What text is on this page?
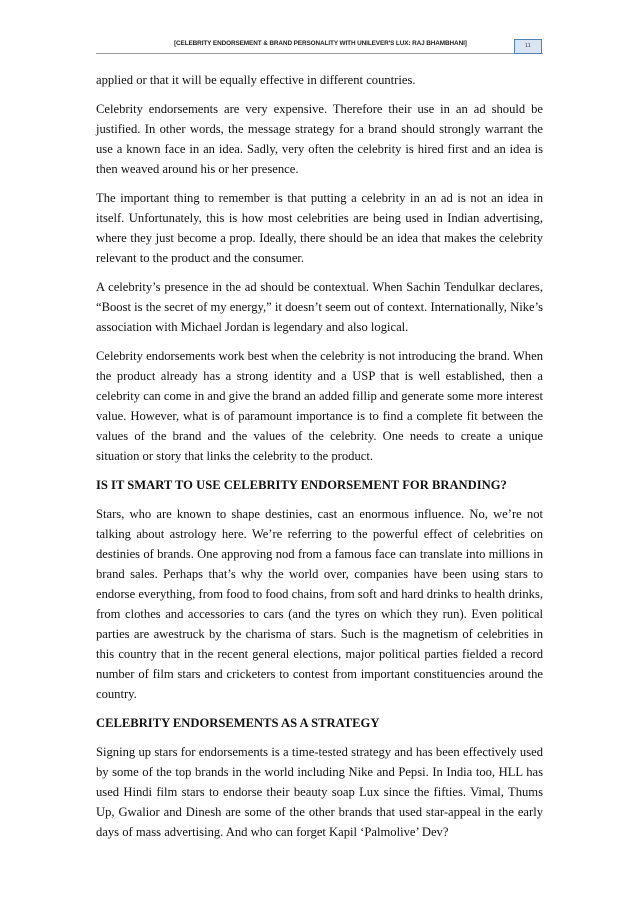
[CELEBRITY ENDORSEMENT & BRAND PERSONALITY WITH UNILEVER'S LUX: RAJ BHAMBHANI]	11

applied or that it will be equally effective in different countries.

Celebrity endorsements are very expensive. Therefore their use in an ad should be justified. In other words, the message strategy for a brand should strongly warrant the use a known face in an idea. Sadly, very often the celebrity is hired first and an idea is then weaved around his or her presence.

The important thing to remember is that putting a celebrity in an ad is not an idea in itself. Unfortunately, this is how most celebrities are being used in Indian advertising, where they just become a prop. Ideally, there should be an idea that makes the celebrity relevant to the product and the consumer.

A celebrity’s presence in the ad should be contextual. When Sachin Tendulkar declares, “Boost is the secret of my energy,” it doesn’t seem out of context. Internationally, Nike’s association with Michael Jordan is legendary and also logical.

Celebrity endorsements work best when the celebrity is not introducing the brand. When the product already has a strong identity and a USP that is well established, then a celebrity can come in and give the brand an added fillip and generate some more interest value. However, what is of paramount importance is to find a complete fit between the values of the brand and the values of the celebrity. One needs to create a unique situation or story that links the celebrity to the product.

IS IT SMART TO USE CELEBRITY ENDORSEMENT FOR BRANDING?

Stars, who are known to shape destinies, cast an enormous influence. No, we’re not talking about astrology here. We’re referring to the powerful effect of celebrities on destinies of brands. One approving nod from a famous face can translate into millions in brand sales. Perhaps that’s why the world over, companies have been using stars to endorse everything, from food to food chains, from soft and hard drinks to health drinks, from clothes and accessories to cars (and the tyres on which they run). Even political parties are awestruck by the charisma of stars. Such is the magnetism of celebrities in this country that in the recent general elections, major political parties fielded a record number of film stars and cricketers to contest from important constituencies around the country.

CELEBRITY ENDORSEMENTS AS A STRATEGY

Signing up stars for endorsements is a time-tested strategy and has been effectively used by some of the top brands in the world including Nike and Pepsi. In India too, HLL has used Hindi film stars to endorse their beauty soap Lux since the fifties. Vimal, Thums Up, Gwalior and Dinesh are some of the other brands that used star-appeal in the early days of mass advertising. And who can forget Kapil ‘Palmolive’ Dev?
